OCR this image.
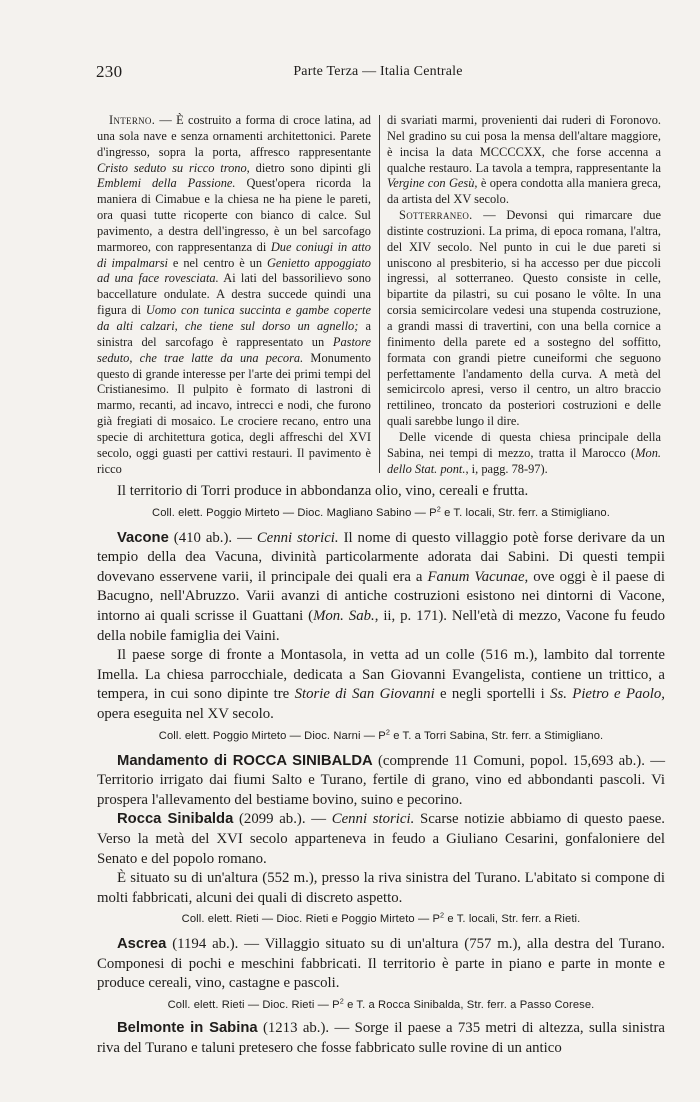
230	Parte Terza — Italia Centrale

Interno. — È costruito a forma di croce latina, ad una sola nave e senza ornamenti architettonici. Parete d'ingresso, sopra la porta, affresco rappresentante Cristo seduto su ricco trono, dietro sono dipinti gli Emblemi della Passione. Quest'opera ricorda la maniera di Cimabue e la chiesa ne ha piene le pareti, ora quasi tutte ricoperte con bianco di calce. Sul pavimento, a destra dell'ingresso, è un bel sarcofago marmoreo, con rappresentanza di Due coniugi in atto di impalmarsi e nel centro è un Genietto appoggiato ad una face rovesciata. Ai lati del bassorilievo sono baccellature ondulate. A destra succede quindi una figura di Uomo con tunica succinta e gambe coperte da alti calzari, che tiene sul dorso un agnello; a sinistra del sarcofago è rappresentato un Pastore seduto, che trae latte da una pecora. Monumento questo di grande interesse per l'arte dei primi tempi del Cristianesimo. Il pulpito è formato di lastroni di marmo, recanti, ad incavo, intrecci e nodi, che furono già fregiati di mosaico. Le crociere recano, entro una specie di architettura gotica, degli affreschi del XVI secolo, oggi guasti per cattivi restauri. Il pavimento è ricco

di svariati marmi, provenienti dai ruderi di Foronovo. Nel gradino su cui posa la mensa dell'altare maggiore, è incisa la data MCCCCXX, che forse accenna a qualche restauro. La tavola a tempra, rappresentante la Vergine con Gesù, è opera condotta alla maniera greca, da artista del XV secolo.

Sotterraneo. — Devonsi qui rimarcare due distinte costruzioni. La prima, di epoca romana, l'altra, del XIV secolo. Nel punto in cui le due pareti si uniscono al presbiterio, si ha accesso per due piccoli ingressi, al sotterraneo. Questo consiste in celle, bipartite da pilastri, su cui posano le vôlte. In una corsia semicircolare vedesi una stupenda costruzione, a grandi massi di travertini, con una bella cornice a finimento della parete ed a sostegno del soffitto, formata con grandi pietre cuneiformi che seguono perfettamente l'andamento della curva. A metà del semicircolo apresi, verso il centro, un altro braccio rettilineo, troncato da posteriori costruzioni e delle quali sarebbe lungo il dire.

Delle vicende di questa chiesa principale della Sabina, nei tempi di mezzo, tratta il Marocco (Mon. dello Stat. pont., i, pagg. 78-97).

Il territorio di Torri produce in abbondanza olio, vino, cereali e frutta.

Coll. elett. Poggio Mirteto — Dioc. Magliano Sabino — $P^2$ e T. locali, Str. ferr. a Stimigliano.

Vacone (410 ab.). — Cenni storici. Il nome di questo villaggio potè forse derivare da un tempio della dea Vacuna, divinità particolarmente adorata dai Sabini. Di questi tempii dovevano esservene varii, il principale dei quali era a Fanum Vacunae, ove oggi è il paese di Bacugno, nell'Abruzzo. Varii avanzi di antiche costruzioni esistono nei dintorni di Vacone, intorno ai quali scrisse il Guattani (Mon. Sab., ii, p. 171). Nell'età di mezzo, Vacone fu feudo della nobile famiglia dei Vaini.

Il paese sorge di fronte a Montasola, in vetta ad un colle (516 m.), lambito dal torrente Imella. La chiesa parrocchiale, dedicata a San Giovanni Evangelista, contiene un trittico, a tempera, in cui sono dipinte tre Storie di San Giovanni e negli sportelli i Ss. Pietro e Paolo, opera eseguita nel XV secolo.

Coll. elett. Poggio Mirteto — Dioc. Narni — $P^2$ e T. a Torri Sabina, Str. ferr. a Stimigliano.

Mandamento di ROCCA SINIBALDA (comprende 11 Comuni, popol. 15,693 ab.). — Territorio irrigato dai fiumi Salto e Turano, fertile di grano, vino ed abbondanti pascoli. Vi prospera l'allevamento del bestiame bovino, suino e pecorino.

Rocca Sinibalda (2099 ab.). — Cenni storici. Scarse notizie abbiamo di questo paese. Verso la metà del XVI secolo apparteneva in feudo a Giuliano Cesarini, gonfaloniere del Senato e del popolo romano.

È situato su di un'altura (552 m.), presso la riva sinistra del Turano. L'abitato si compone di molti fabbricati, alcuni dei quali di discreto aspetto.

Coll. elett. Rieti — Dioc. Rieti e Poggio Mirteto — $P^2$ e T. locali, Str. ferr. a Rieti.

Ascrea (1194 ab.). — Villaggio situato su di un'altura (757 m.), alla destra del Turano. Componesi di pochi e meschini fabbricati. Il territorio è parte in piano e parte in monte e produce cereali, vino, castagne e pascoli.

Coll. elett. Rieti — Dioc. Rieti — $P^2$ e T. a Rocca Sinibalda, Str. ferr. a Passo Corese.

Belmonte in Sabina (1213 ab.). — Sorge il paese a 735 metri di altezza, sulla sinistra riva del Turano e taluni pretesero che fosse fabbricato sulle rovine di un antico
